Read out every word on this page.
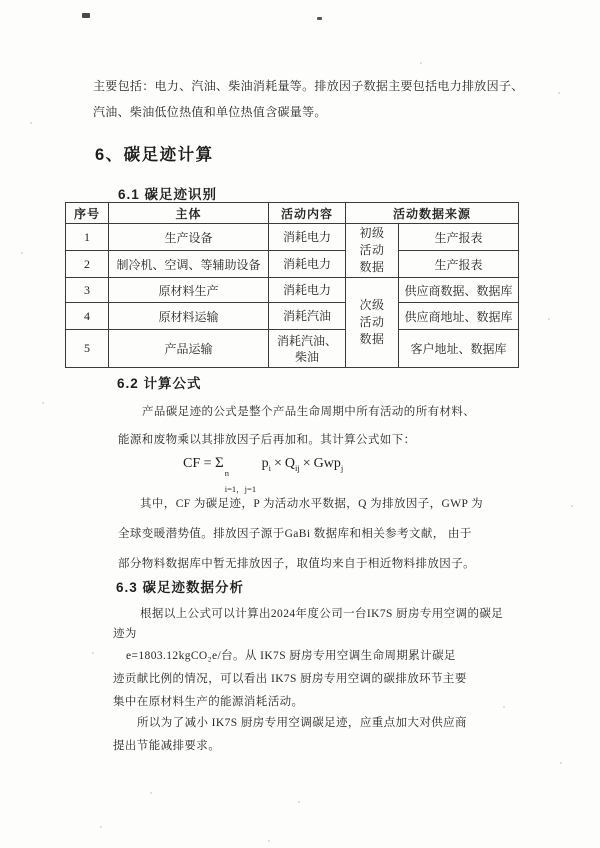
主要包括：电力、汽油、柴油消耗量等。排放因子数据主要包括电力排放因子、
汽油、柴油低位热值和单位热值含碳量等。
6、碳足迹计算
6.1 碳足迹识别
序号	主体	活动内容	活动数据来源	
1	生产设备	消耗电力	初级活动数据	生产报表
2	制冷机、空调、等辅助设备	消耗电力		生产报表
3	原材料生产	消耗电力	次级活动数据	供应商数据、数据库
4	原材料运输	消耗汽油		供应商地址、数据库
5	产品运输	消耗汽油、柴油		客户地址、数据库
6.2 计算公式
产品碳足迹的公式是整个产品生命周期中所有活动的所有材料、
能源和废物乘以其排放因子后再加和。其计算公式如下：
CF = Σ
n
i=1，j=1
$p_i \times Q_{ij} \times Gwp_j$
其中，CF 为碳足迹，P 为活动水平数据，Q 为排放因子，GWP 为
全球变暖潜势值。排放因子源于GaBi 数据库和相关参考文献， 由于
部分物料数据库中暂无排放因子，取值均来自于相近物料排放因子。
6.3 碳足迹数据分析
根据以上公式可以计算出2024年度公司一台IK7S 厨房专用空调的碳足
迹为
e=1803.12kgCO₂e/台。从 IK7S 厨房专用空调生命周期累计碳足
迹贡献比例的情况，可以看出 IK7S 厨房专用空调的碳排放环节主要
集中在原材料生产的能源消耗活动。
所以为了减小 IK7S 厨房专用空调碳足迹，应重点加大对供应商
提出节能减排要求。
